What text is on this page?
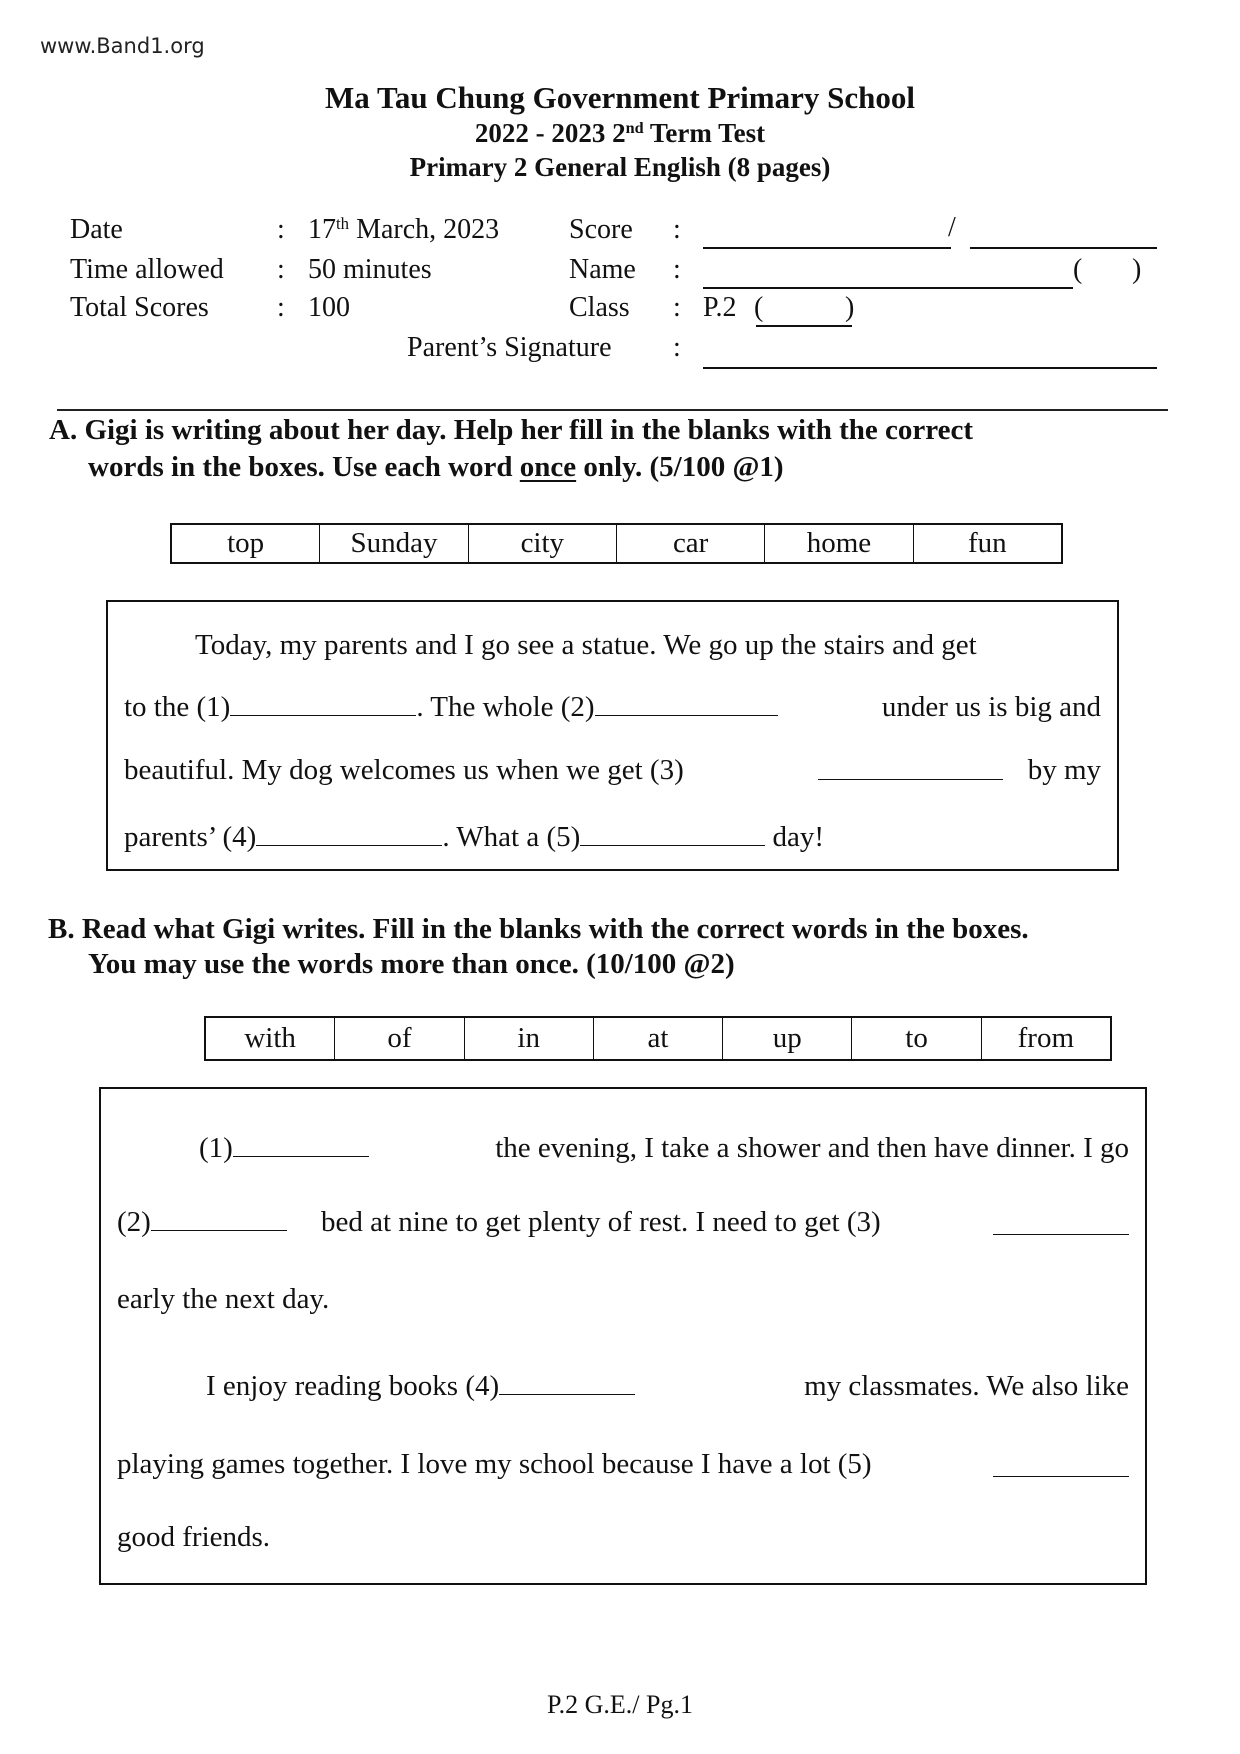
www.Band1.org
Ma Tau Chung Government Primary School
2022 - 2023 2nd Term Test
Primary 2 General English (8 pages)
Date	: 17th March, 2023
Time allowed : 50 minutes
Total Scores : 100
Score :	/
Name :	( )
Class : P.2 (	)
Parent’s Signature :
A. Gigi is writing about her day. Help her fill in the blanks with the correct
words in the boxes. Use each word once only. (5/100 @1)
top	Sunday	city	car	home	fun
Today, my parents and I go see a statue. We go up the stairs and get
to the (1)	. The whole (2)	under us is big and
beautiful. My dog welcomes us when we get (3)	by my
parents’ (4)	. What a (5)	day!
B. Read what Gigi writes. Fill in the blanks with the correct words in the boxes.
You may use the words more than once. (10/100 @2)
with	of	in	at	up	to	from
(1)	the evening, I take a shower and then have dinner. I go
(2)	bed at nine to get plenty of rest. I need to get (3)
early the next day.
I enjoy reading books (4)	my classmates. We also like
playing games together. I love my school because I have a lot (5)
good friends.
P.2 G.E./ Pg.1
